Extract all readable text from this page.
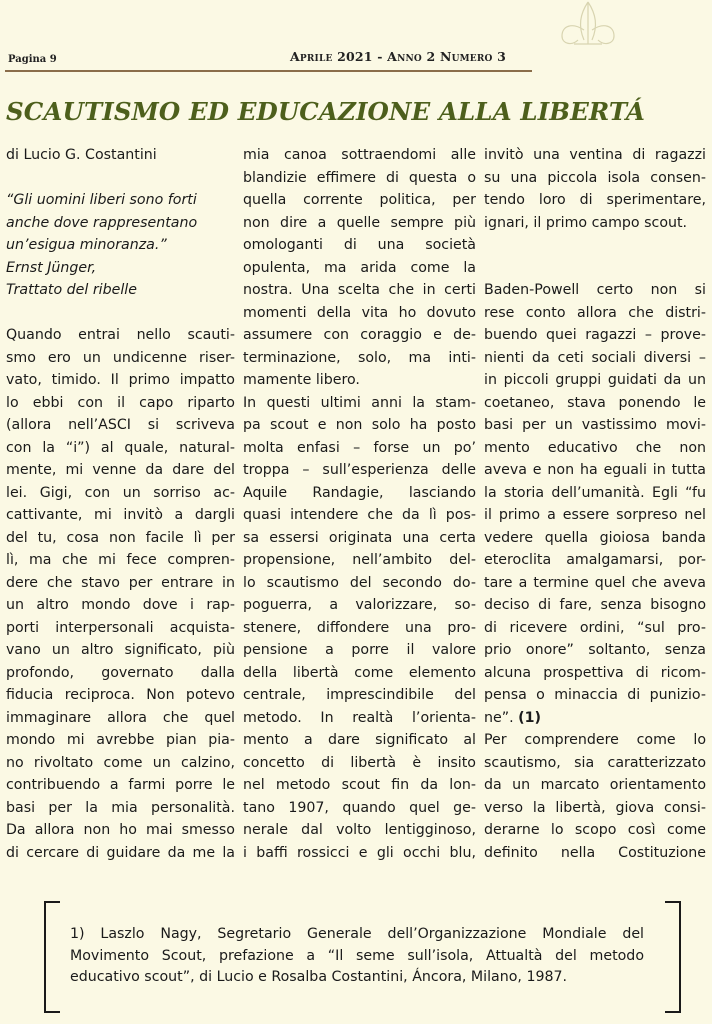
Pagina 9	Aprile 2021 - Anno 2 Numero 3
SCAUTISMO ED EDUCAZIONE ALLA LIBERTÁ
di Lucio G. Costantini
“Gli uomini liberi sono forti
anche dove rappresentano
un’esigua minoranza.”
Ernst Jünger,
Trattato del ribelle
Quando entrai nello scauti-
smo ero un undicenne riser-
vato, timido. Il primo impatto
lo ebbi con il capo riparto
(allora nell’ASCI si scriveva
con la “i”) al quale, natural-
mente, mi venne da dare del
lei. Gigi, con un sorriso ac-
cattivante, mi invitò a dargli
del tu, cosa non facile lì per
lì, ma che mi fece compren-
dere che stavo per entrare in
un altro mondo dove i rap-
porti interpersonali acquista-
vano un altro significato, più
profondo, governato dalla
fiducia reciproca. Non potevo
immaginare allora che quel
mondo mi avrebbe pian pia-
no rivoltato come un calzino,
contribuendo a farmi porre le
basi per la mia personalità.
Da allora non ho mai smesso
di cercare di guidare da me la
mia canoa sottraendomi alle
blandizie effimere di questa o
quella corrente politica, per
non dire a quelle sempre più
omologanti di una società
opulenta, ma arida come la
nostra. Una scelta che in certi
momenti della vita ho dovuto
assumere con coraggio e de-
terminazione, solo, ma inti-
mamente libero.
In questi ultimi anni la stam-
pa scout e non solo ha posto
molta enfasi – forse un po’
troppa – sull’esperienza delle
Aquile Randagie, lasciando
quasi intendere che da lì pos-
sa essersi originata una certa
propensione, nell’ambito del-
lo scautismo del secondo do-
poguerra, a valorizzare, so-
stenere, diffondere una pro-
pensione a porre il valore
della libertà come elemento
centrale, imprescindibile del
metodo. In realtà l’orienta-
mento a dare significato al
concetto di libertà è insito
nel metodo scout fin da lon-
tano 1907, quando quel ge-
nerale dal volto lentigginoso,
i baffi rossicci e gli occhi blu,
invitò una ventina di ragazzi
su una piccola isola consen-
tendo loro di sperimentare,
ignari, il primo campo scout.
Baden-Powell certo non si
rese conto allora che distri-
buendo quei ragazzi – prove-
nienti da ceti sociali diversi –
in piccoli gruppi guidati da un
coetaneo, stava ponendo le
basi per un vastissimo movi-
mento educativo che non
aveva e non ha eguali in tutta
la storia dell’umanità. Egli “fu
il primo a essere sorpreso nel
vedere quella gioiosa banda
eteroclita amalgamarsi, por-
tare a termine quel che aveva
deciso di fare, senza bisogno
di ricevere ordini, “sul pro-
prio onore” soltanto, senza
alcuna prospettiva di ricom-
pensa o minaccia di punizio-
ne”. (1)
Per comprendere come lo
scautismo, sia caratterizzato
da un marcato orientamento
verso la libertà, giova consi-
derarne lo scopo così come
definito nella Costituzione
1) Laszlo Nagy, Segretario Generale dell’Organizzazione Mondiale del
Movimento Scout, prefazione a “Il seme sull’isola, Attualtà del metodo
educativo scout”, di Lucio e Rosalba Costantini, Áncora, Milano, 1987.
